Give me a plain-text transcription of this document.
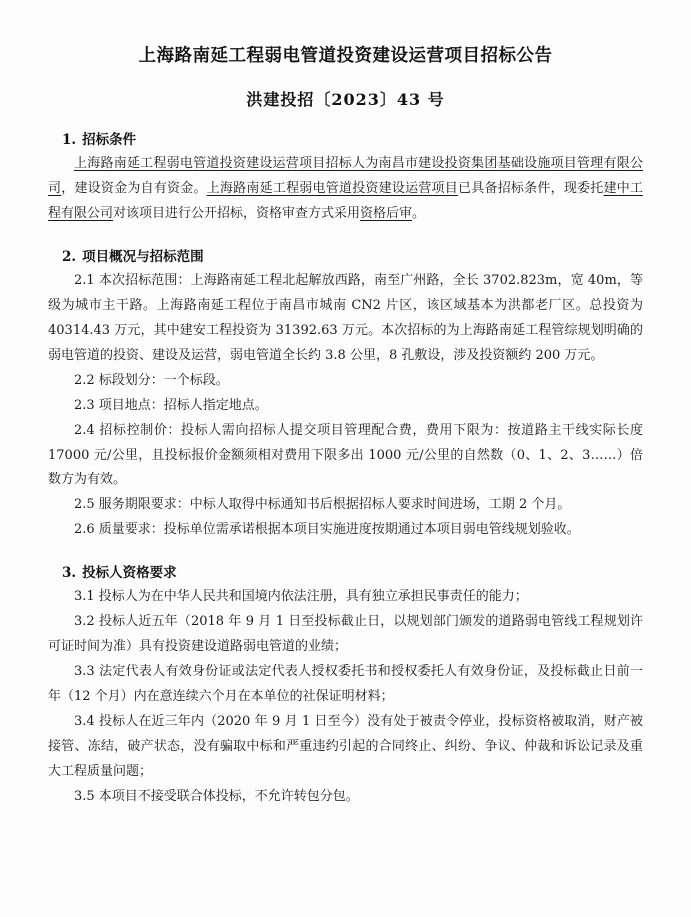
上海路南延工程弱电管道投资建设运营项目招标公告
洪建投招〔2023〕43 号
1. 招标条件

上海路南延工程弱电管道投资建设运营项目招标人为南昌市建设投资集团基础设施项目管理有限公司，建设资金为自有资金。上海路南延工程弱电管道投资建设运营项目已具备招标条件，现委托建中工程有限公司对该项目进行公开招标，资格审查方式采用资格后审。

2. 项目概况与招标范围

2.1 本次招标范围：上海路南延工程北起解放西路，南至广州路，全长 3702.823m，宽 40m，等级为城市主干路。上海路南延工程位于南昌市城南 CN2 片区，该区域基本为洪都老厂区。总投资为 40314.43 万元，其中建安工程投资为 31392.63 万元。本次招标的为上海路南延工程管综规划明确的弱电管道的投资、建设及运营，弱电管道全长约 3.8 公里，8 孔敷设，涉及投资额约 200 万元。

2.2 标段划分：一个标段。

2.3 项目地点：招标人指定地点。

2.4 招标控制价：投标人需向招标人提交项目管理配合费，费用下限为：按道路主干线实际长度 17000 元/公里，且投标报价金额须相对费用下限多出 1000 元/公里的自然数（0、1、2、3……）倍数方为有效。

2.5 服务期限要求：中标人取得中标通知书后根据招标人要求时间进场，工期 2 个月。

2.6 质量要求：投标单位需承诺根据本项目实施进度按期通过本项目弱电管线规划验收。

3. 投标人资格要求

3.1 投标人为在中华人民共和国境内依法注册，具有独立承担民事责任的能力；

3.2 投标人近五年（2018 年 9 月 1 日至投标截止日，以规划部门颁发的道路弱电管线工程规划许可证时间为准）具有投资建设道路弱电管道的业绩；

3.3 法定代表人有效身份证或法定代表人授权委托书和授权委托人有效身份证，及投标截止日前一年（12 个月）内在意连续六个月在本单位的社保证明材料；

3.4 投标人在近三年内（2020 年 9 月 1 日至今）没有处于被责令停业，投标资格被取消，财产被接管、冻结，破产状态，没有骗取中标和严重违约引起的合同终止、纠纷、争议、仲裁和诉讼记录及重大工程质量问题；

3.5 本项目不接受联合体投标，不允许转包分包。
